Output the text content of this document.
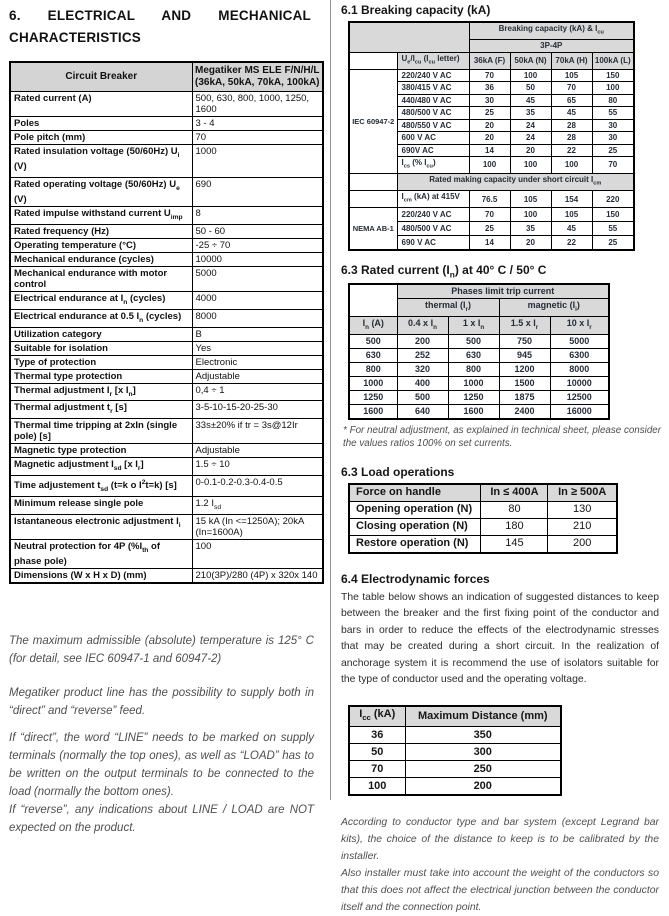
6. ELECTRICAL AND MECHANICAL CHARACTERISTICS
Circuit Breaker	Megatiker MS ELE F/N/H/L (36kA, 50kA, 70kA, 100kA)
Rated current (A)	500, 630, 800, 1000, 1250, 1600
Poles	3 - 4
Pole pitch (mm)	70
Rated insulation voltage (50/60Hz) $U_i$ (V)	1000
Rated operating voltage (50/60Hz) $U_e$ (V)	690
Rated impulse withstand current $U_{imp}$	8
Rated frequency (Hz)	50 - 60
Operating temperature (°C)	-25 ÷ 70
Mechanical endurance (cycles)	10000
Mechanical endurance with motor control	5000
Electrical endurance at $I_n$ (cycles)	4000
Electrical endurance at 0.5 $I_n$ (cycles)	8000
Utilization category	B
Suitable for isolation	Yes
Type of protection	Electronic
Thermal type protection	Adjustable
Thermal adjustment $I_r$ [x $I_n$]	0,4 ÷ 1
Thermal adjustment $t_r$ [s]	3-5-10-15-20-25-30
Thermal time tripping at 2xIn (single pole) [s]	33s±20% if tr = 3s@12Ir
Magnetic type protection	Adjustable
Magnetic adjustment $I_{sd}$ [x $I_r$]	1.5 ÷ 10
Time adjustement $t_{sd}$ (t=k o $I^2t=k$) [s]	0-0.1-0.2-0.3-0.4-0.5
Minimum release single pole	1.2 $I_{sd}$
Istantaneous electronic adjustment $I_i$	15 kA (In <=1250A); 20kA (In=1600A)
Neutral protection for 4P ($\%I_{th}$ of phase pole)	100
Dimensions (W x H x D) (mm)	210(3P)/280 (4P) x 320x 140

The maximum admissible (absolute) temperature is 125° C (for detail, see IEC 60947-1 and 60947-2)

Megatiker product line has the possibility to supply both in “direct” and “reverse” feed.

If “direct”, the word “LINE” needs to be marked on supply terminals (normally the top ones), as well as “LOAD” has to be written on the output terminals to be connected to the load (normally the bottom ones).

If “reverse”, any indications about LINE / LOAD are NOT expected on the product.

6.1 Breaking capacity (kA)
		Breaking capacity (kA) & $I_{cu}$
		3P-4P			
	$U_e/I_{cu}$ ($I_{cu}$ letter)	36kA (F)	50kA (N)	70kA (H)	100kA (L)
IEC 60947-2	220/240 V AC	70	100	105	150
	380/415 V AC	36	50	70	100
	440/480 V AC	30	45	65	80
	480/500 V AC	25	35	45	55
	480/550 V AC	20	24	28	30
	600 V AC	20	24	28	30
	690V AC	14	20	22	25
	$I_{cs}$ (% $I_{cu}$)	100	100	100	70
	Rated making capacity under short circuit $I_{cm}$
	$I_{cm}$ (kA) at 415V	76.5	105	154	220
NEMA AB-1	220/240 V AC	70	100	105	150
	480/500 V AC	25	35	45	55
	690 V AC	14	20	22	25
6.3 Rated current $(I_n)$ at 40° C / 50° C
	Phases limit trip current			
	thermal $(I_r)$		magnetic $(I_i)$	
$I_n$ (A)	0.4 x $I_n$	1 x $I_n$	1.5 x $I_r$	10 x $I_r$
500	200	500	750	5000
630	252	630	945	6300
800	320	800	1200	8000
1000	400	1000	1500	10000
1250	500	1250	1875	12500
1600	640	1600	2400	16000
* For neutral adjustment, as explained in technical sheet, please consider the values ratios 100% on set currents.
6.3 Load operations
Force on handle	In ≤ 400A	In ≥ 500A
Opening operation (N)	80	130
Closing operation (N)	180	210
Restore operation (N)	145	200
6.4 Electrodynamic forces

The table below shows an indication of suggested distances to keep between the breaker and the first fixing point of the conductor and bars in order to reduce the effects of the electrodynamic stresses that may be created during a short circuit. In the realization of anchorage system it is recommend the use of isolators suitable for the type of conductor used and the operating voltage.

$I_{cc}$ (kA)	Maximum Distance (mm)
36	350
50	300
70	250
100	200

According to conductor type and bar system (except Legrand bar kits), the choice of the distance to keep is to be calibrated by the installer.

Also installer must take into account the weight of the conductors so that this does not affect the electrical junction between the conductor itself and the connection point.
